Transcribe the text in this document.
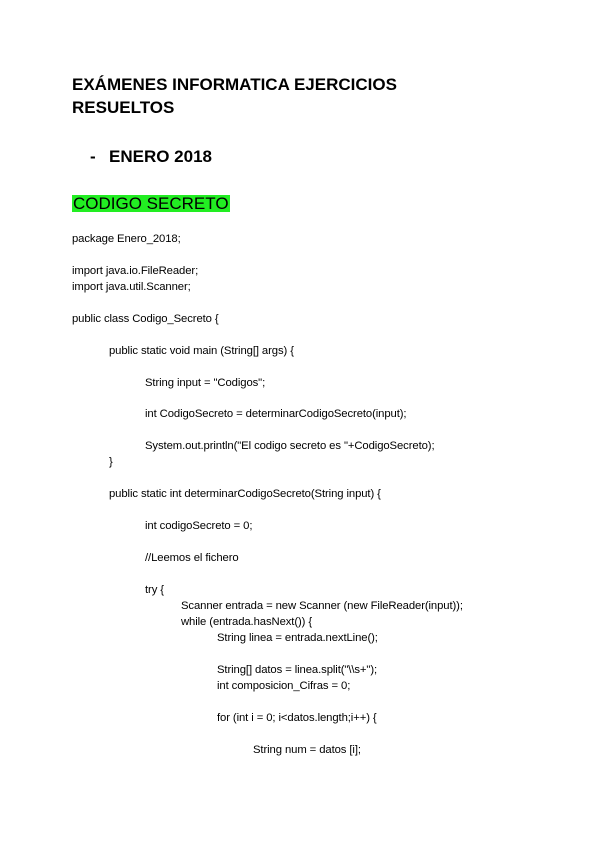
EXÁMENES INFORMATICA EJERCICIOS
RESUELTOS
- ENERO 2018
CODIGO SECRETO
package Enero_2018;
import java.io.FileReader;
import java.util.Scanner;
public class Codigo_Secreto {
public static void main (String[] args) {
String input = "Codigos";
int CodigoSecreto = determinarCodigoSecreto(input);
System.out.println("El codigo secreto es "+CodigoSecreto);
}
public static int determinarCodigoSecreto(String input) {
int codigoSecreto = 0;
//Leemos el fichero
try {
Scanner entrada = new Scanner (new FileReader(input));
while (entrada.hasNext()) {
String linea = entrada.nextLine();
String[] datos = linea.split("\\s+");
int composicion_Cifras = 0;
for (int i = 0; i<datos.length;i++) {
String num = datos [i];
